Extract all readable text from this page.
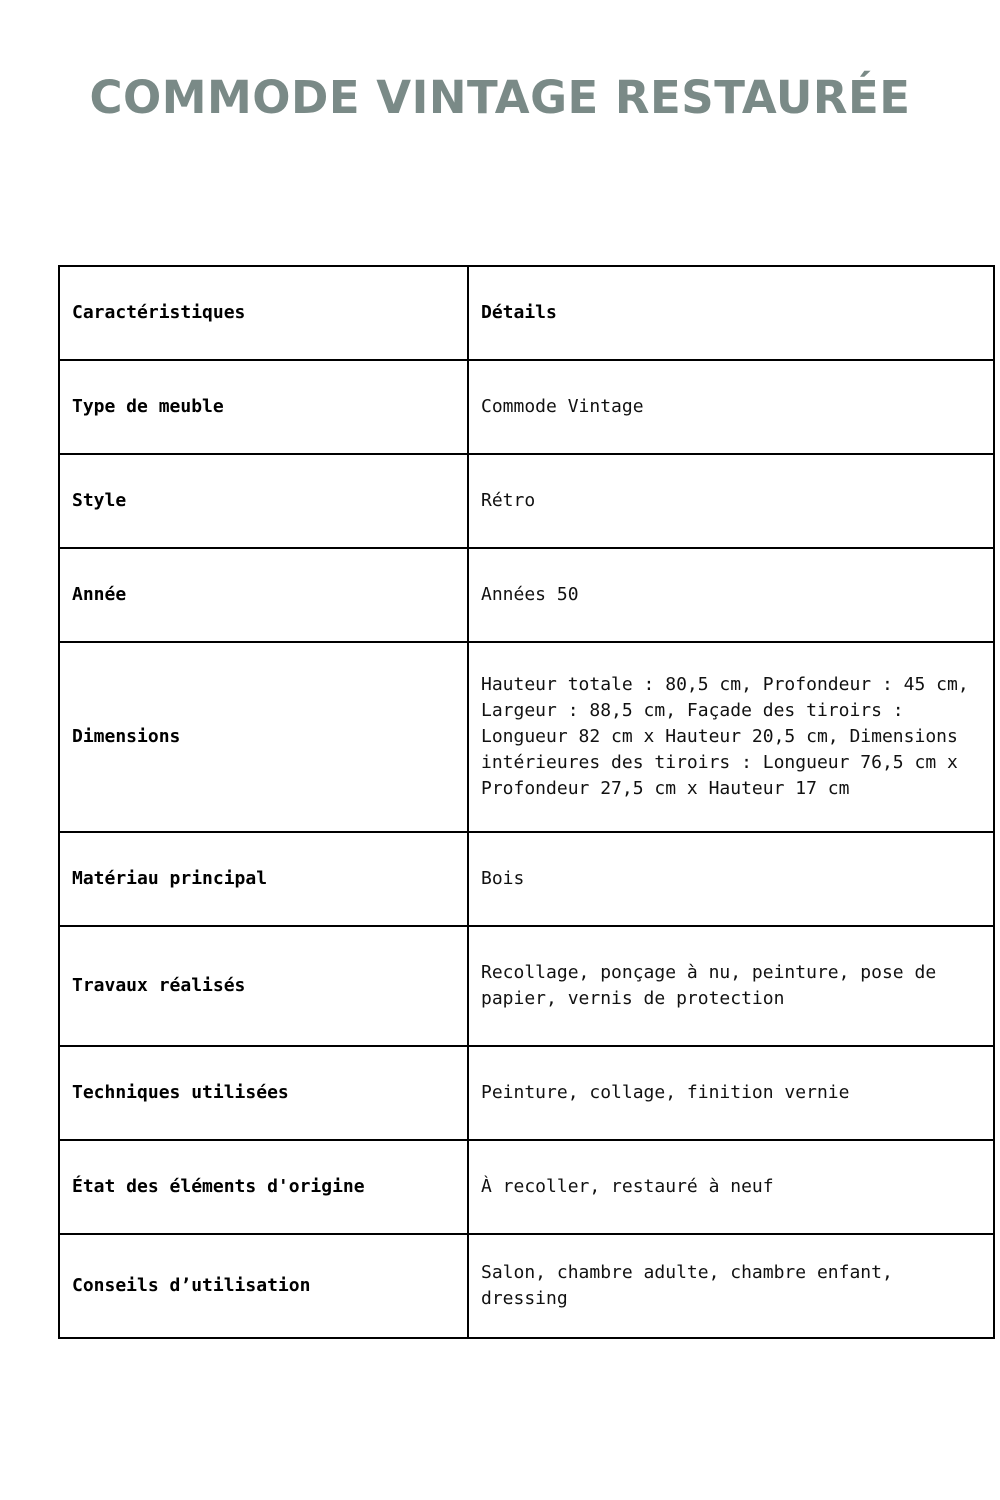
COMMODE VINTAGE RESTAURÉE
Caractéristiques	Détails
Type de meuble	Commode Vintage
Style	Rétro
Année	Années 50
Dimensions	Hauteur totale : 80,5 cm, Profondeur : 45 cm, Largeur : 88,5 cm, Façade des tiroirs : Longueur 82 cm x Hauteur 20,5 cm, Dimensions intérieures des tiroirs : Longueur 76,5 cm x Profondeur 27,5 cm x Hauteur 17 cm
Matériau principal	Bois
Travaux réalisés	Recollage, ponçage à nu, peinture, pose de papier, vernis de protection
Techniques utilisées	Peinture, collage, finition vernie
État des éléments d'origine	À recoller, restauré à neuf
Conseils d’utilisation	Salon, chambre adulte, chambre enfant, dressing
